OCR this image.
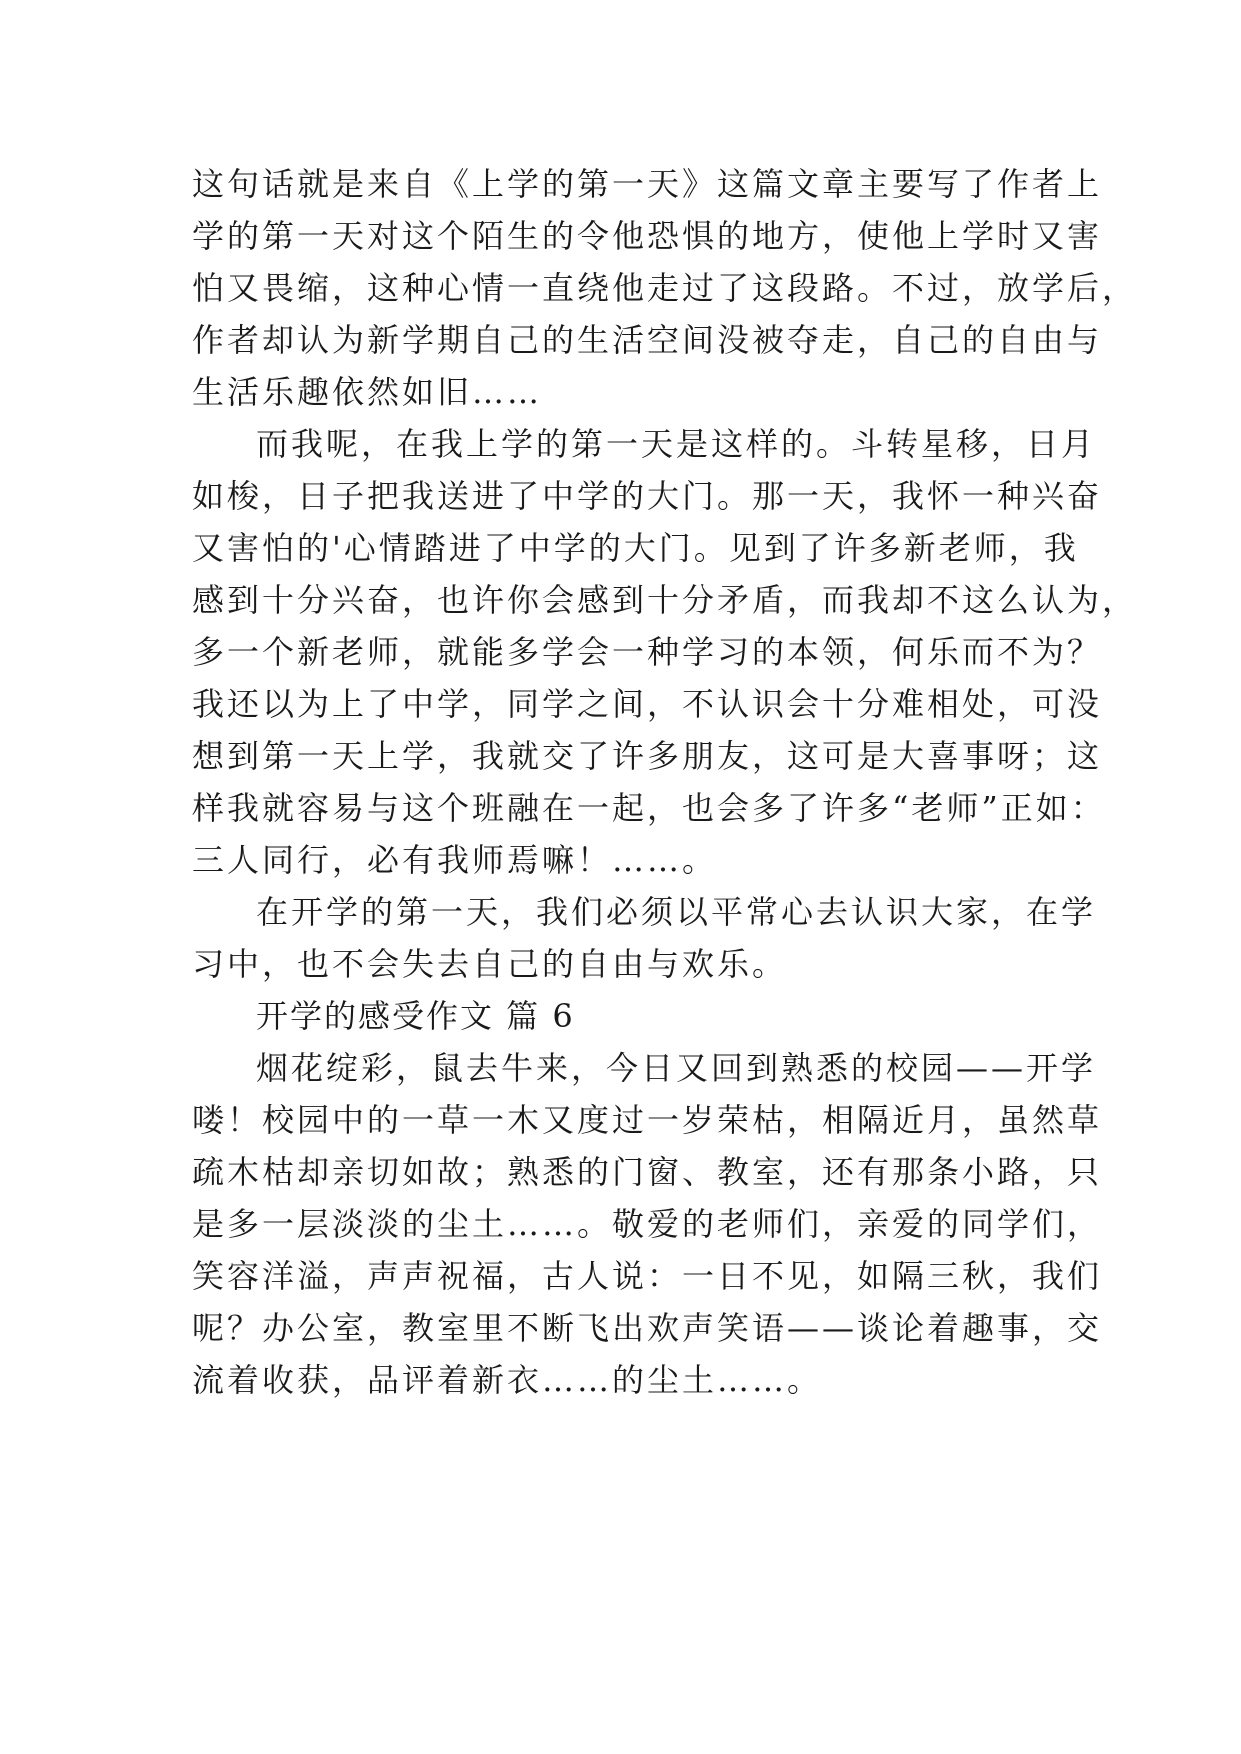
这句话就是来自《上学的第一天》这篇文章主要写了作者上
学的第一天对这个陌生的令他恐惧的地方，使他上学时又害
怕又畏缩，这种心情一直绕他走过了这段路。不过，放学后，
作者却认为新学期自己的生活空间没被夺走，自己的自由与
生活乐趣依然如旧……

而我呢，在我上学的第一天是这样的。斗转星移，日月
如梭，日子把我送进了中学的大门。那一天，我怀一种兴奋
又害怕的'心情踏进了中学的大门。见到了许多新老师，我
感到十分兴奋，也许你会感到十分矛盾，而我却不这么认为，
多一个新老师，就能多学会一种学习的本领，何乐而不为？
我还以为上了中学，同学之间，不认识会十分难相处，可没
想到第一天上学，我就交了许多朋友，这可是大喜事呀；这
样我就容易与这个班融在一起，也会多了许多“老师”正如：
三人同行，必有我师焉嘛！……。

在开学的第一天，我们必须以平常心去认识大家，在学
习中，也不会失去自己的自由与欢乐。

开学的感受作文 篇 6

烟花绽彩，鼠去牛来，今日又回到熟悉的校园——开学
喽！校园中的一草一木又度过一岁荣枯，相隔近月，虽然草
疏木枯却亲切如故；熟悉的门窗、教室，还有那条小路，只
是多一层淡淡的尘土……。敬爱的老师们，亲爱的同学们，
笑容洋溢，声声祝福，古人说：一日不见，如隔三秋，我们
呢？办公室，教室里不断飞出欢声笑语——谈论着趣事，交
流着收获，品评着新衣……的尘土……。
